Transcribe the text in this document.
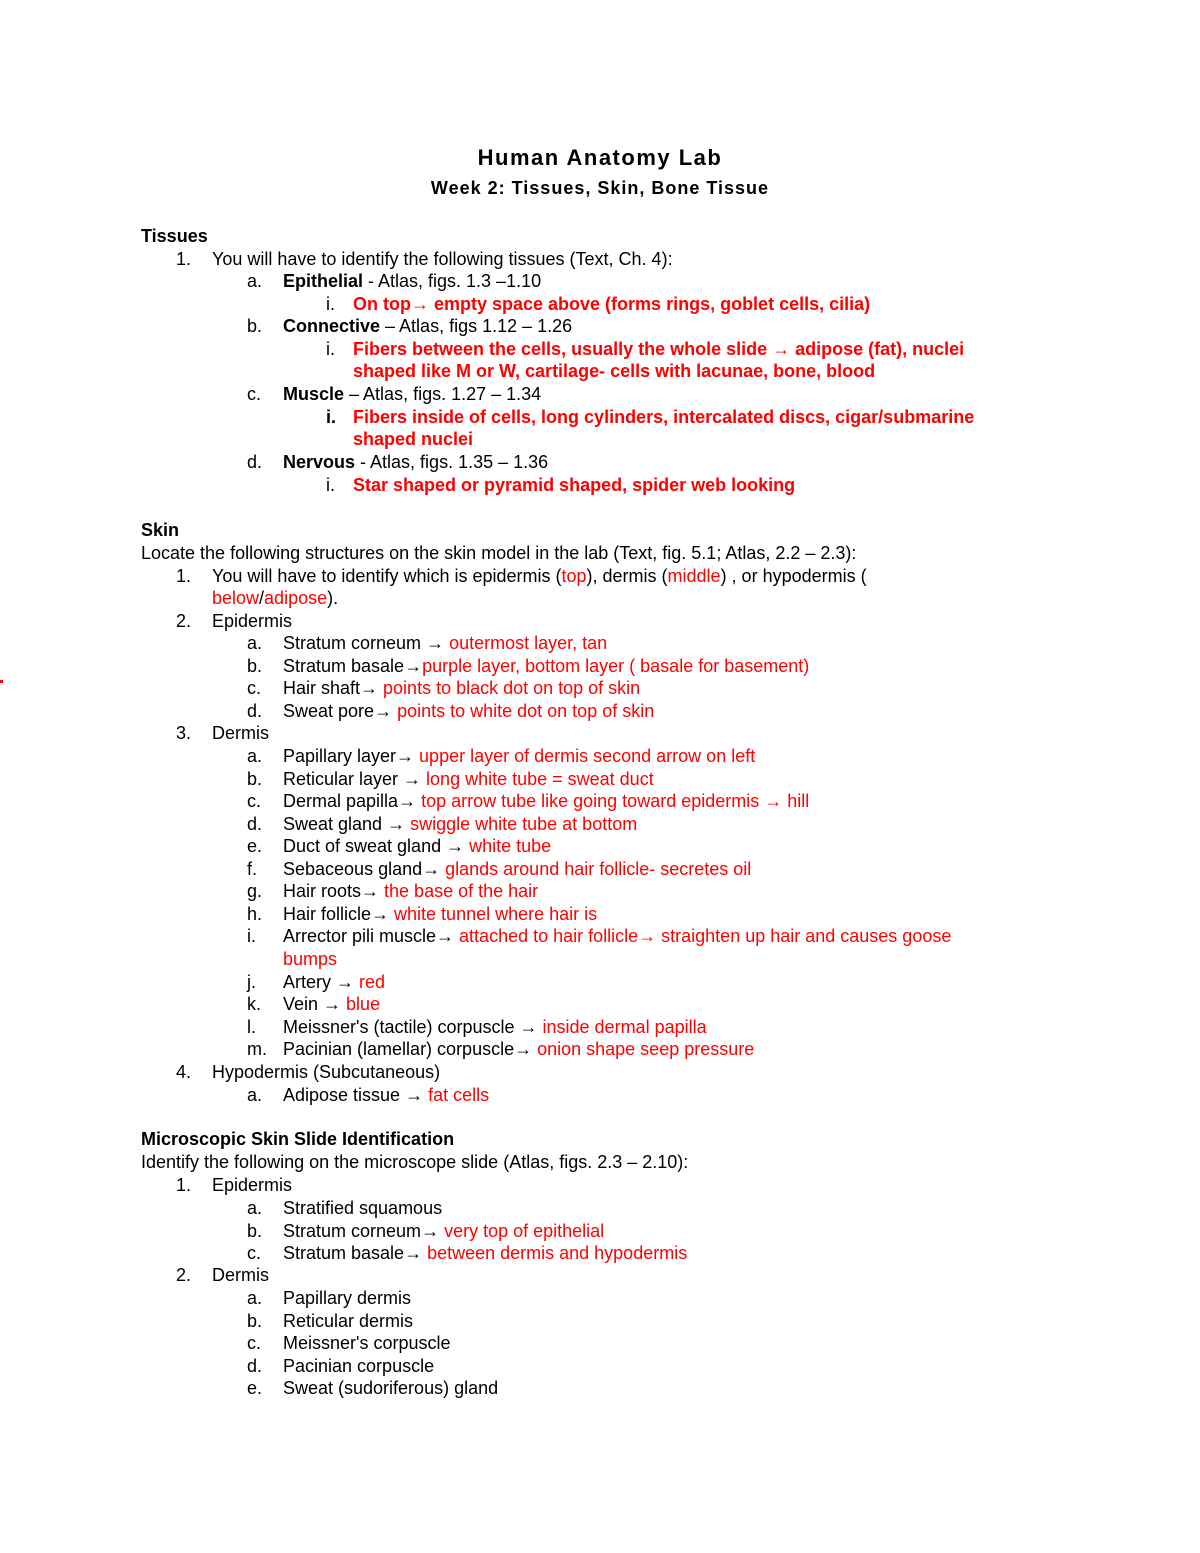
Human Anatomy Lab
Week 2: Tissues, Skin, Bone Tissue
Tissues
1. You will have to identify the following tissues (Text, Ch. 4):
a. Epithelial - Atlas, figs. 1.3 –1.10
i. On top→ empty space above (forms rings, goblet cells, cilia)
b. Connective – Atlas, figs 1.12 – 1.26
i. Fibers between the cells, usually the whole slide → adipose (fat), nuclei
shaped like M or W, cartilage- cells with lacunae, bone, blood
c. Muscle – Atlas, figs. 1.27 – 1.34
i. Fibers inside of cells, long cylinders, intercalated discs, cigar/submarine
shaped nuclei
d. Nervous - Atlas, figs. 1.35 – 1.36
i. Star shaped or pyramid shaped, spider web looking
Skin
Locate the following structures on the skin model in the lab (Text, fig. 5.1; Atlas, 2.2 – 2.3):
1. You will have to identify which is epidermis (top), dermis (middle) , or hypodermis (
below/adipose).
2. Epidermis
a. Stratum corneum → outermost layer, tan
b. Stratum basale→purple layer, bottom layer ( basale for basement)
c. Hair shaft→ points to black dot on top of skin
d. Sweat pore→ points to white dot on top of skin
3. Dermis
a. Papillary layer→ upper layer of dermis second arrow on left
b. Reticular layer → long white tube = sweat duct
c. Dermal papilla→ top arrow tube like going toward epidermis → hill
d. Sweat gland → swiggle white tube at bottom
e. Duct of sweat gland → white tube
f. Sebaceous gland→ glands around hair follicle- secretes oil
g. Hair roots→ the base of the hair
h. Hair follicle→ white tunnel where hair is
i. Arrector pili muscle→ attached to hair follicle→ straighten up hair and causes goose
bumps
j. Artery → red
k. Vein → blue
l. Meissner's (tactile) corpuscle → inside dermal papilla
m. Pacinian (lamellar) corpuscle→ onion shape seep pressure
4. Hypodermis (Subcutaneous)
a. Adipose tissue → fat cells
Microscopic Skin Slide Identification
Identify the following on the microscope slide (Atlas, figs. 2.3 – 2.10):
1. Epidermis
a. Stratified squamous
b. Stratum corneum→ very top of epithelial
c. Stratum basale→ between dermis and hypodermis
2. Dermis
a. Papillary dermis
b. Reticular dermis
c. Meissner's corpuscle
d. Pacinian corpuscle
e. Sweat (sudoriferous) gland
